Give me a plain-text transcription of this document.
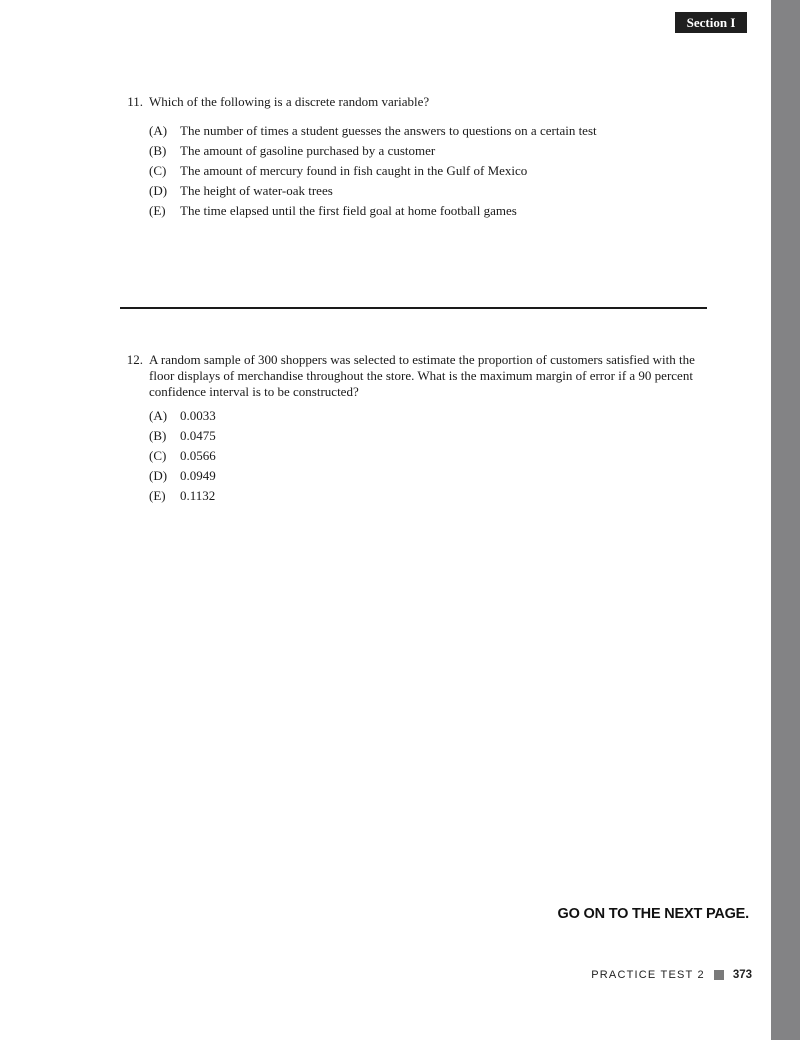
Section I
11. Which of the following is a discrete random variable?
(A) The number of times a student guesses the answers to questions on a certain test
(B)	The amount of gasoline purchased by a customer
(C)	The amount of mercury found in fish caught in the Gulf of Mexico
(D) The height of water-oak trees
(E)	The time elapsed until the first field goal at home football games
12. A random sample of 300 shoppers was selected to estimate the proportion of customers satisfied with the floor displays of merchandise throughout the store. What is the maximum margin of error if a 90 percent confidence interval is to be constructed?
(A) 0.0033
(B)	0.0475
(C)	0.0566
(D) 0.0949
(E)	0.1132
GO ON TO THE NEXT PAGE.
PRACTICE TEST 2 373
